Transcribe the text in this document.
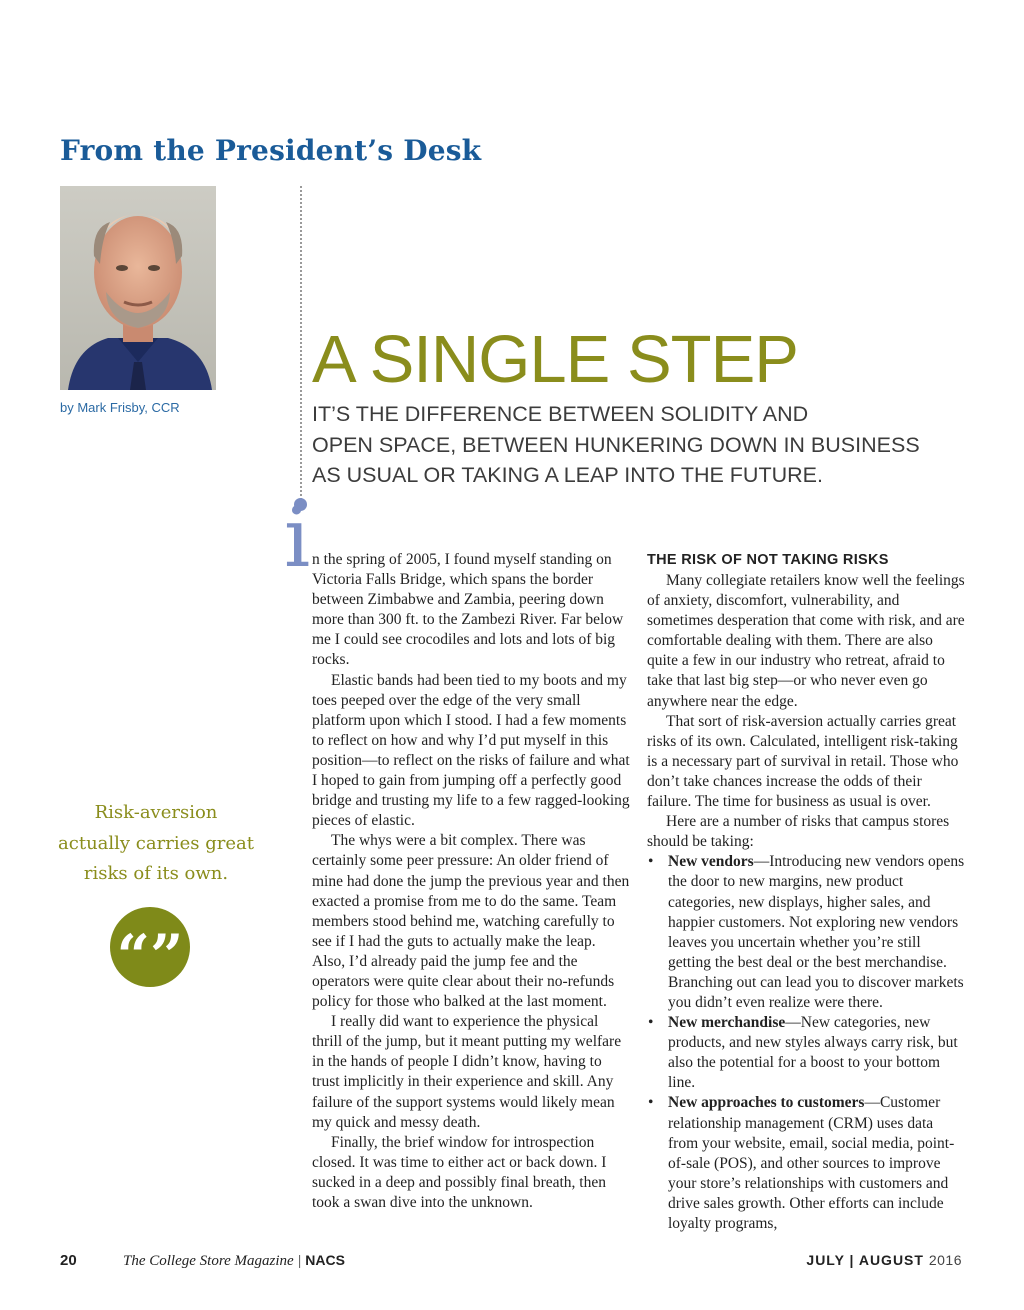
From the President’s Desk
by Mark Frisby, CCR
A SINGLE STEP
IT’S THE DIFFERENCE BETWEEN SOLIDITY AND
OPEN SPACE, BETWEEN HUNKERING DOWN IN BUSINESS
AS USUAL OR TAKING A LEAP INTO THE FUTURE.
i n the spring of 2005, I found myself standing on Victoria Falls Bridge, which spans the border between Zimbabwe and Zambia, peering down more than 300 ft. to the Zambezi River. Far below me I could see crocodiles and lots and lots of big rocks.

Elastic bands had been tied to my boots and my toes peeped over the edge of the very small platform upon which I stood. I had a few moments to reflect on how and why I’d put myself in this position—to reflect on the risks of failure and what I hoped to gain from jumping off a perfectly good bridge and trusting my life to a few ragged-looking pieces of elastic.

The whys were a bit complex. There was certainly some peer pressure: An older friend of mine had done the jump the previous year and then exacted a promise from me to do the same. Team members stood behind me, watching carefully to see if I had the guts to actually make the leap. Also, I’d already paid the jump fee and the operators were quite clear about their no-refunds policy for those who balked at the last moment.

I really did want to experience the physical thrill of the jump, but it meant putting my welfare in the hands of people I didn’t know, having to trust implicitly in their experience and skill. Any failure of the support systems would likely mean my quick and messy death.

Finally, the brief window for introspection closed. It was time to either act or back down. I sucked in a deep and possibly final breath, then took a swan dive into the unknown.

THE RISK OF NOT TAKING RISKS

Many collegiate retailers know well the feelings of anxiety, discomfort, vulnerability, and sometimes desperation that come with risk, and are comfortable dealing with them. There are also quite a few in our industry who retreat, afraid to take that last big step—or who never even go anywhere near the edge.

That sort of risk-aversion actually carries great risks of its own. Calculated, intelligent risk-taking is a necessary part of survival in retail. Those who don’t take chances increase the odds of their failure. The time for business as usual is over.

Here are a number of risks that campus stores should be taking:

• New vendors—Introducing new vendors opens the door to new margins, new product categories, new displays, higher sales, and happier customers. Not exploring new vendors leaves you uncertain whether you’re still getting the best deal or the best merchandise. Branching out can lead you to discover markets you didn’t even realize were there.
• New merchandise—New categories, new products, and new styles always carry risk, but also the potential for a boost to your bottom line.
• New approaches to customers—Customer relationship management (CRM) uses data from your website, email, social media, point-of-sale (POS), and other sources to improve your store’s relationships with customers and drive sales growth. Other efforts can include loyalty programs,
Risk-aversion actually carries great risks of its own.
“”
20	The College Store Magazine | NACS	JULY | AUGUST 2016
